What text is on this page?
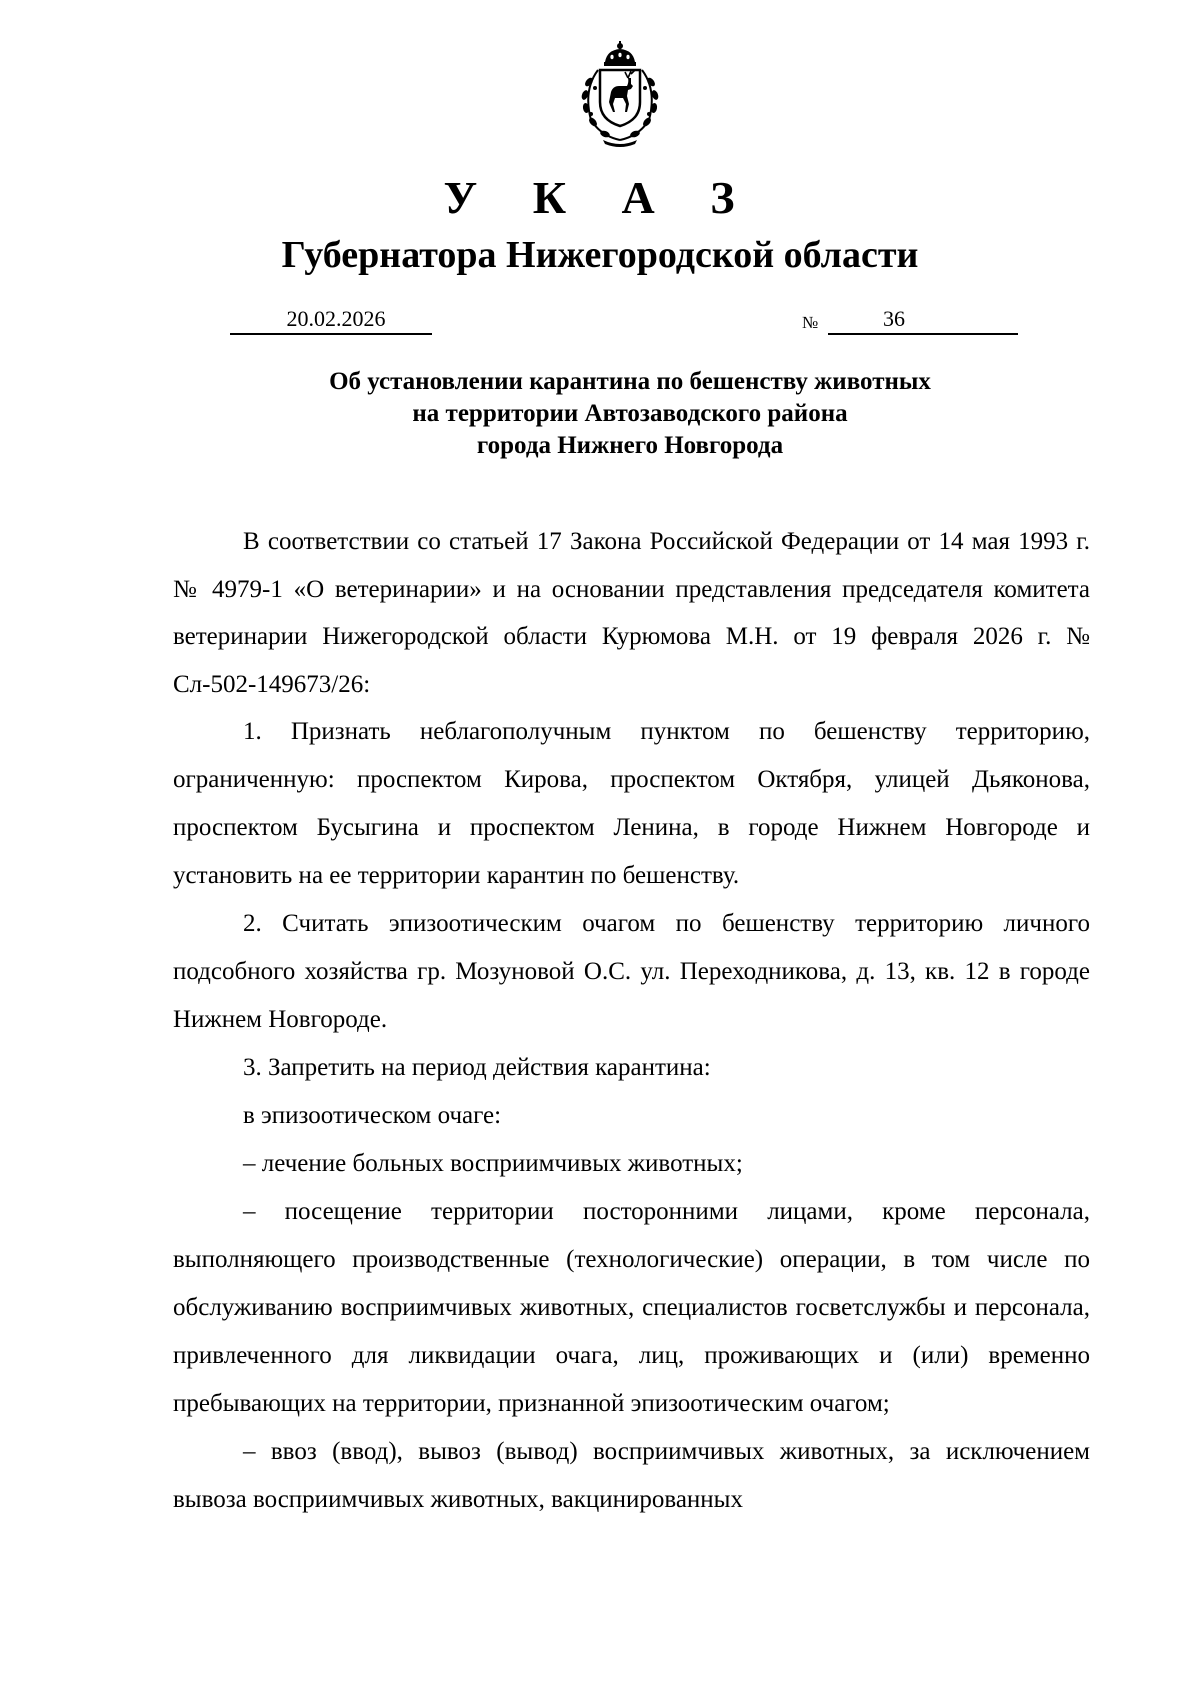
У К А З
Губернатора Нижегородской области
20.02.2026	№	36
Об установлении карантина по бешенству животных
на территории Автозаводского района
города Нижнего Новгорода

В соответствии со статьей 17 Закона Российской Федерации от 14 мая 1993 г. № 4979-1 «О ветеринарии» и на основании представления председателя комитета ветеринарии Нижегородской области Курюмова М.Н. от 19 февраля 2026 г. № Сл-502-149673/26:

1. Признать неблагополучным пунктом по бешенству территорию, ограниченную: проспектом Кирова, проспектом Октября, улицей Дьяконова, проспектом Бусыгина и проспектом Ленина, в городе Нижнем Новгороде и установить на ее территории карантин по бешенству.

2. Считать эпизоотическим очагом по бешенству территорию личного подсобного хозяйства гр. Мозуновой О.С. ул. Переходникова, д. 13, кв. 12 в городе Нижнем Новгороде.

3. Запретить на период действия карантина:

в эпизоотическом очаге:

– лечение больных восприимчивых животных;

– посещение территории посторонними лицами, кроме персонала, выполняющего производственные (технологические) операции, в том числе по обслуживанию восприимчивых животных, специалистов госветслужбы и персонала, привлеченного для ликвидации очага, лиц, проживающих и (или) временно пребывающих на территории, признанной эпизоотическим очагом;

– ввоз (ввод), вывоз (вывод) восприимчивых животных, за исключением вывоза восприимчивых животных, вакцинированных
